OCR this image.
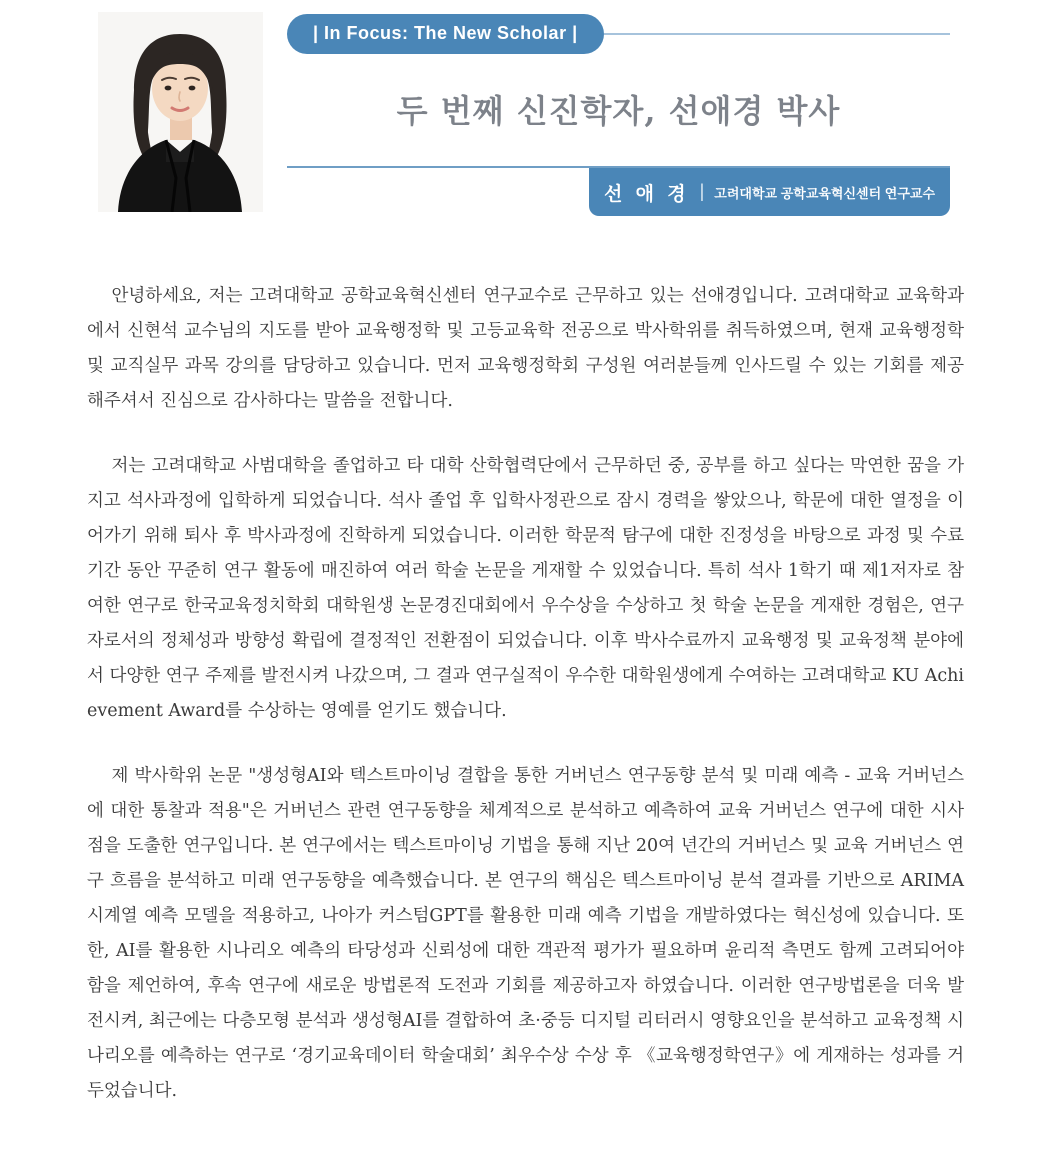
| In Focus: The New Scholar |
두 번째 신진학자, 선애경 박사
선 애 경 | 고려대학교 공학교육혁신센터 연구교수

안녕하세요, 저는 고려대학교 공학교육혁신센터 연구교수로 근무하고 있는 선애경입니다. 고려대학교 교육학과에서 신현석 교수님의 지도를 받아 교육행정학 및 고등교육학 전공으로 박사학위를 취득하였으며, 현재 교육행정학 및 교직실무 과목 강의를 담당하고 있습니다. 먼저 교육행정학회 구성원 여러분들께 인사드릴 수 있는 기회를 제공해주셔서 진심으로 감사하다는 말씀을 전합니다.

저는 고려대학교 사범대학을 졸업하고 타 대학 산학협력단에서 근무하던 중, 공부를 하고 싶다는 막연한 꿈을 가지고 석사과정에 입학하게 되었습니다. 석사 졸업 후 입학사정관으로 잠시 경력을 쌓았으나, 학문에 대한 열정을 이어가기 위해 퇴사 후 박사과정에 진학하게 되었습니다. 이러한 학문적 탐구에 대한 진정성을 바탕으로 과정 및 수료 기간 동안 꾸준히 연구 활동에 매진하여 여러 학술 논문을 게재할 수 있었습니다. 특히 석사 1학기 때 제1저자로 참여한 연구로 한국교육정치학회 대학원생 논문경진대회에서 우수상을 수상하고 첫 학술 논문을 게재한 경험은, 연구자로서의 정체성과 방향성 확립에 결정적인 전환점이 되었습니다. 이후 박사수료까지 교육행정 및 교육정책 분야에서 다양한 연구 주제를 발전시켜 나갔으며, 그 결과 연구실적이 우수한 대학원생에게 수여하는 고려대학교 KU Achievement Award를 수상하는 영예를 얻기도 했습니다.

제 박사학위 논문 "생성형AI와 텍스트마이닝 결합을 통한 거버넌스 연구동향 분석 및 미래 예측 - 교육 거버넌스에 대한 통찰과 적용"은 거버넌스 관련 연구동향을 체계적으로 분석하고 예측하여 교육 거버넌스 연구에 대한 시사점을 도출한 연구입니다. 본 연구에서는 텍스트마이닝 기법을 통해 지난 20여 년간의 거버넌스 및 교육 거버넌스 연구 흐름을 분석하고 미래 연구동향을 예측했습니다. 본 연구의 핵심은 텍스트마이닝 분석 결과를 기반으로 ARIMA 시계열 예측 모델을 적용하고, 나아가 커스텀GPT를 활용한 미래 예측 기법을 개발하였다는 혁신성에 있습니다. 또한, AI를 활용한 시나리오 예측의 타당성과 신뢰성에 대한 객관적 평가가 필요하며 윤리적 측면도 함께 고려되어야 함을 제언하여, 후속 연구에 새로운 방법론적 도전과 기회를 제공하고자 하였습니다. 이러한 연구방법론을 더욱 발전시켜, 최근에는 다층모형 분석과 생성형AI를 결합하여 초·중등 디지털 리터러시 영향요인을 분석하고 교육정책 시나리오를 예측하는 연구로 ‘경기교육데이터 학술대회’ 최우수상 수상 후 《교육행정학연구》에 게재하는 성과를 거두었습니다.
